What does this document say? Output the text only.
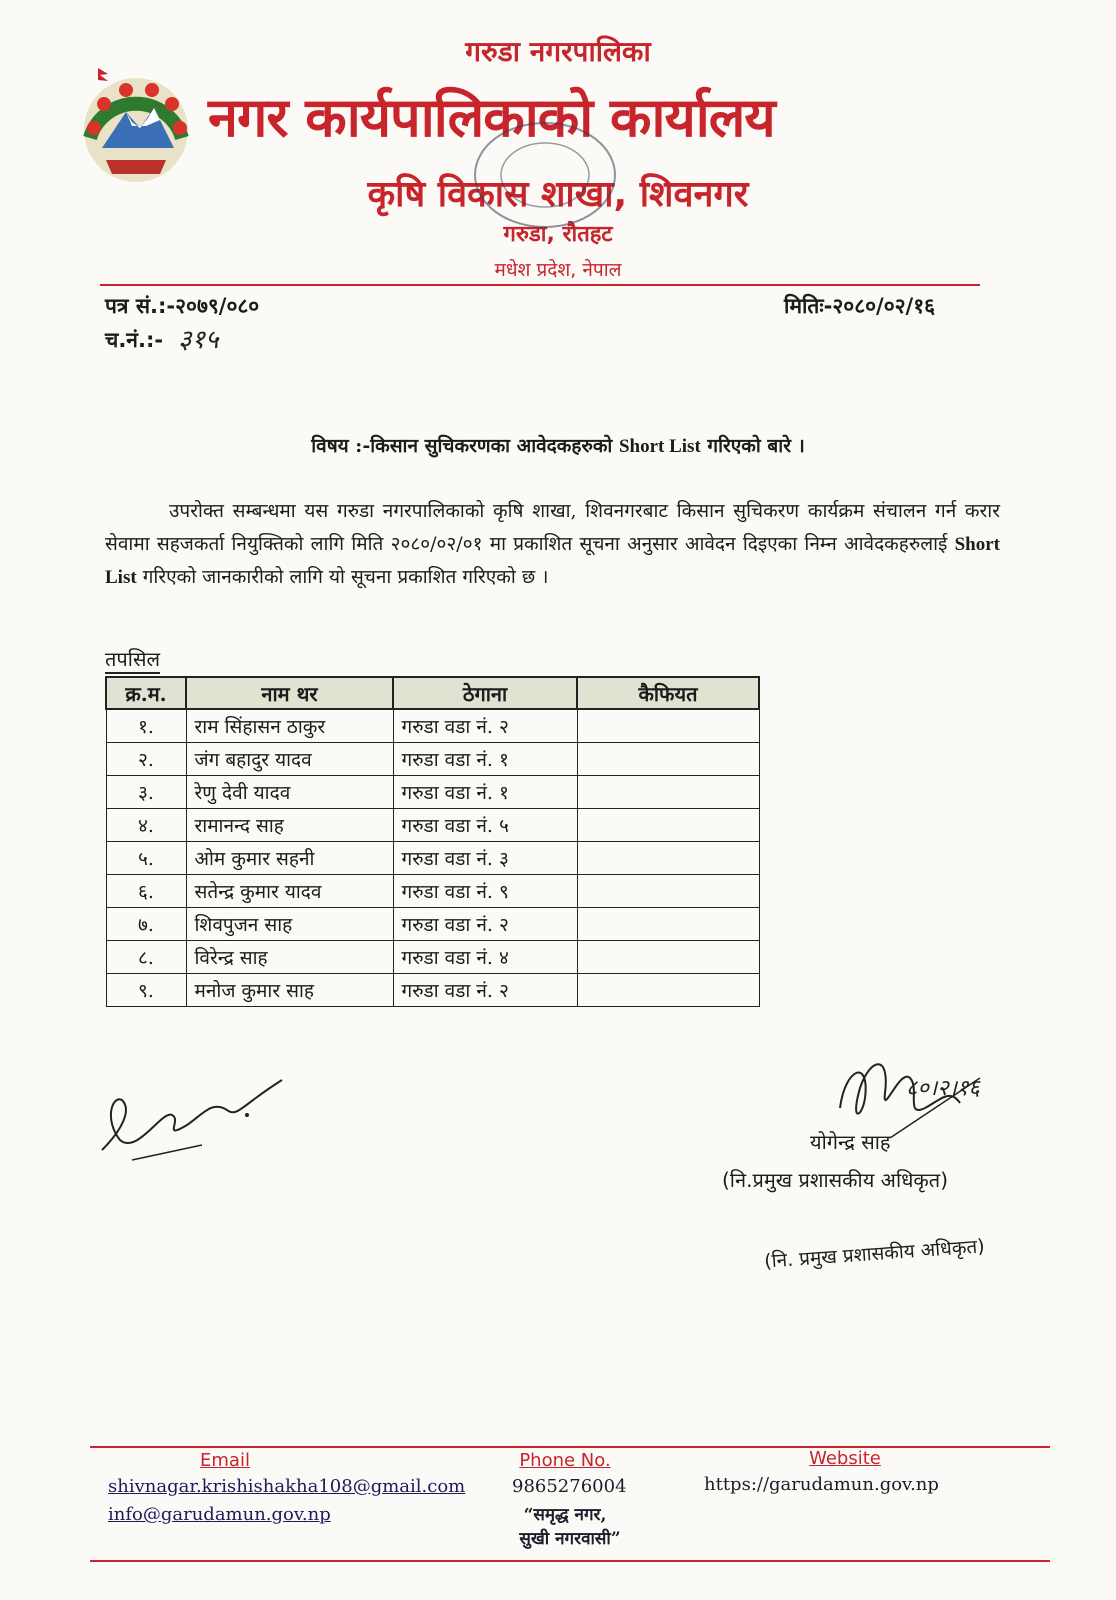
गरुडा नगरपालिका
नगर कार्यपालिकाको कार्यालय
कृषि विकास शाखा, शिवनगर
गरुडा, रौतहट
मधेश प्रदेश, नेपाल
पत्र सं.:-२०७९/०८०	मितिः-२०८०/०२/१६
च.नं.:- ३१५
विषय :-किसान सुचिकरणका आवेदकहरुको Short List गरिएको बारे ।
उपरोक्त सम्बन्धमा यस गरुडा नगरपालिकाको कृषि शाखा, शिवनगरबाट किसान सुचिकरण कार्यक्रम संचालन गर्न करार सेवामा सहजकर्ता नियुक्तिको लागि मिति २०८०/०२/०१ मा प्रकाशित सूचना अनुसार आवेदन दिइएका निम्न आवेदकहरुलाई Short List गरिएको जानकारीको लागि यो सूचना प्रकाशित गरिएको छ ।
तपसिल
क्र.म.	नाम थर	ठेगाना	कैफियत
१.	राम सिंहासन ठाकुर	गरुडा वडा नं. २	
२.	जंग बहादुर यादव	गरुडा वडा नं. १	
३.	रेणु देवी यादव	गरुडा वडा नं. १	
४.	रामानन्द साह	गरुडा वडा नं. ५	
५.	ओम कुमार सहनी	गरुडा वडा नं. ३	
६.	सतेन्द्र कुमार यादव	गरुडा वडा नं. ९	
७.	शिवपुजन साह	गरुडा वडा नं. २	
८.	विरेन्द्र साह	गरुडा वडा नं. ४	
९.	मनोज कुमार साह	गरुडा वडा नं. २	
८०।२।१६
योगेन्द्र साह
(नि.प्रमुख प्रशासकीय अधिकृत)
(नि. प्रमुख प्रशासकीय अधिकृत)
Email
shivnagar.krishishakha108@gmail.com
info@garudamun.gov.np
Phone No.
9865276004
“समृद्ध नगर,
सुखी नगरवासी”
Website
https://garudamun.gov.np
